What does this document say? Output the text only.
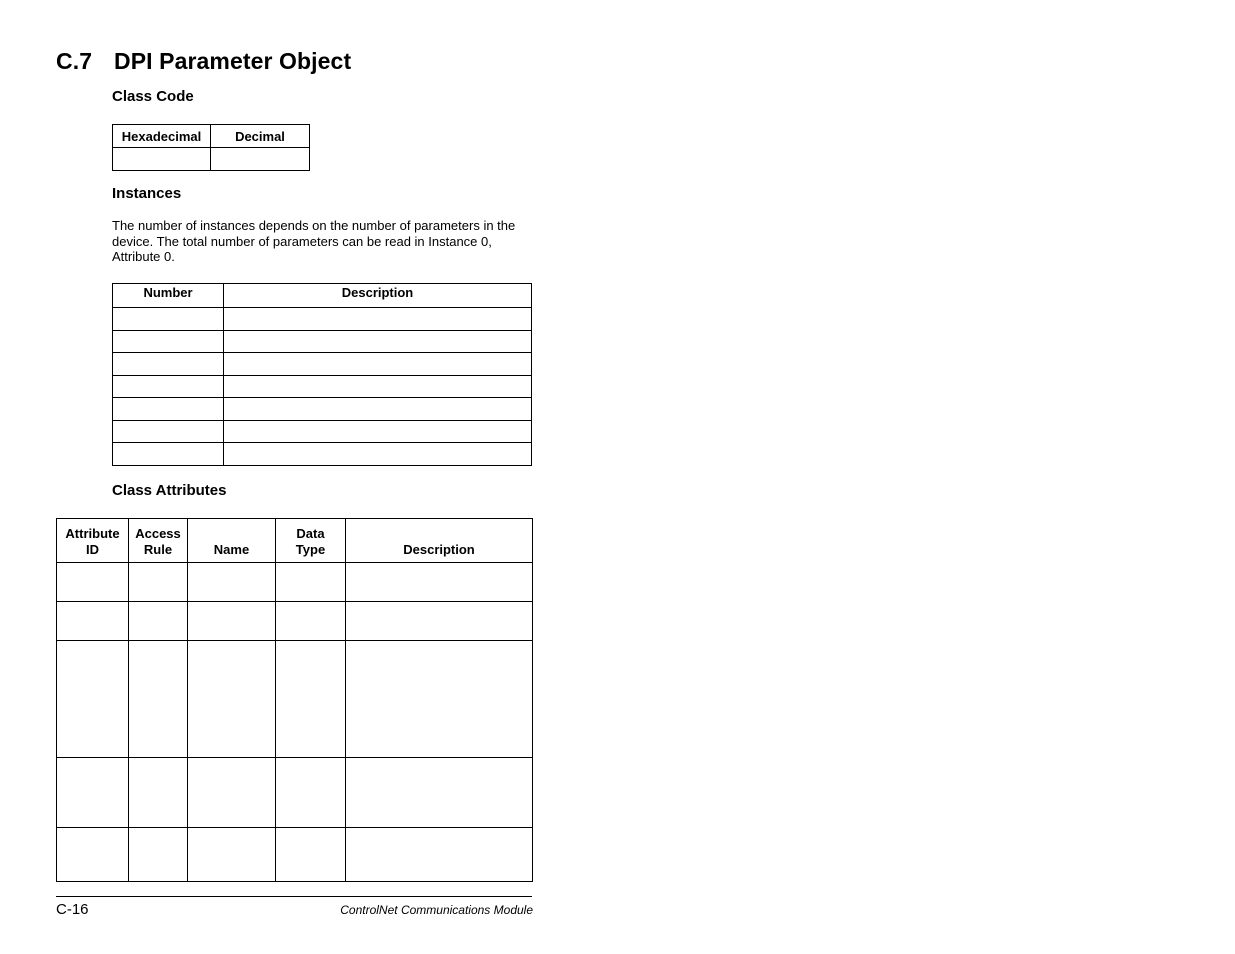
C.7 DPI Parameter Object
Class Code
Hexadecimal	Decimal

Instances
The number of instances depends on the number of parameters in the device. The total number of parameters can be read in Instance 0, Attribute 0.
Number	Description

Class Attributes
Attribute ID	Access Rule	Name	Data Type	Description

C-16	ControlNet Communications Module
